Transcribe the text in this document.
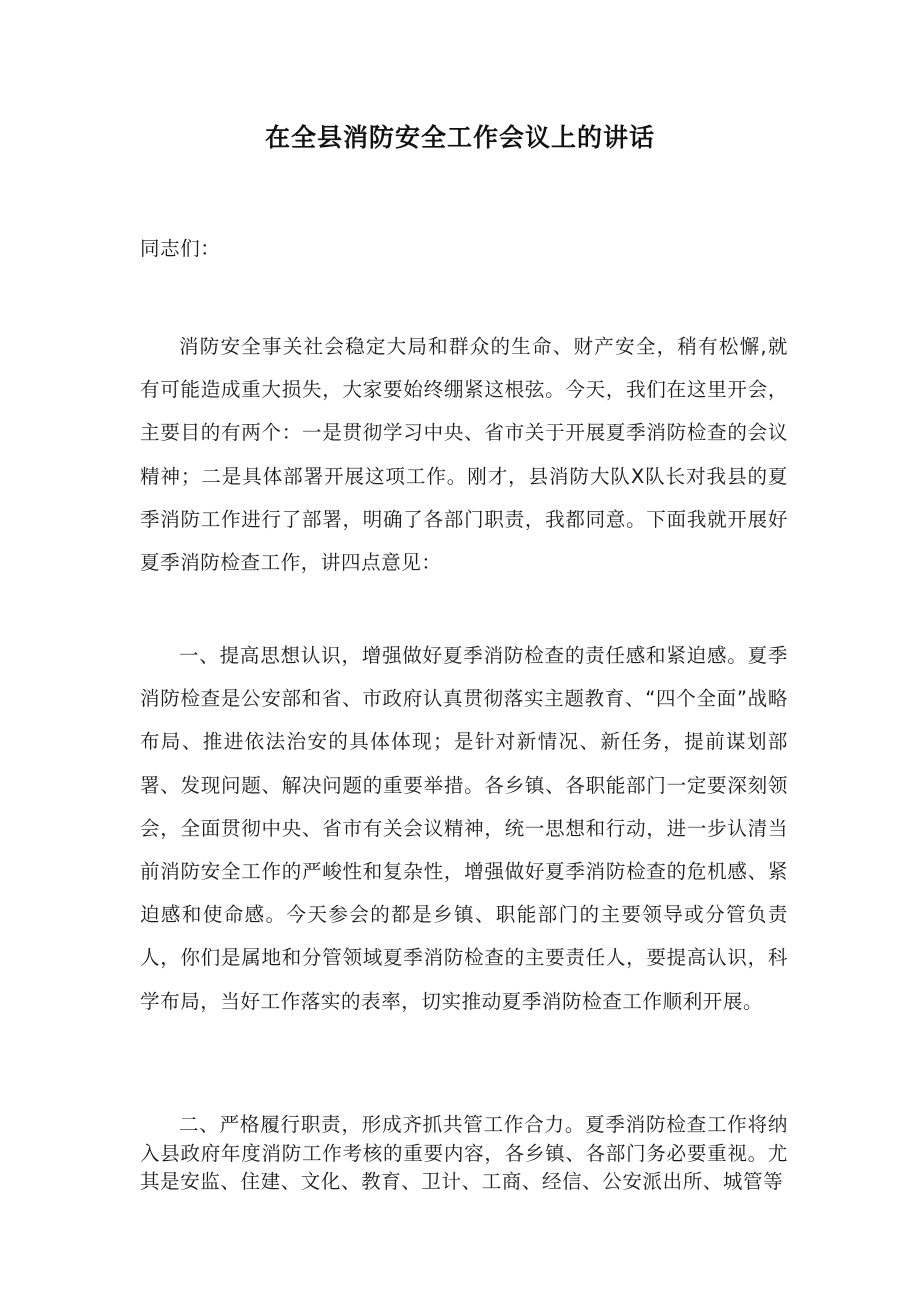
在全县消防安全工作会议上的讲话

同志们：

消防安全事关社会稳定大局和群众的生命、财产安全，稍有松懈,就有可能造成重大损失，大家要始终绷紧这根弦。今天，我们在这里开会，主要目的有两个：一是贯彻学习中央、省市关于开展夏季消防检查的会议精神；二是具体部署开展这项工作。刚才，县消防大队X队长对我县的夏季消防工作进行了部署，明确了各部门职责，我都同意。下面我就开展好夏季消防检查工作，讲四点意见：

一、提高思想认识，增强做好夏季消防检查的责任感和紧迫感。夏季消防检查是公安部和省、市政府认真贯彻落实主题教育、“四个全面”战略布局、推进依法治安的具体体现；是针对新情况、新任务，提前谋划部署、发现问题、解决问题的重要举措。各乡镇、各职能部门一定要深刻领会，全面贯彻中央、省市有关会议精神，统一思想和行动，进一步认清当前消防安全工作的严峻性和复杂性，增强做好夏季消防检查的危机感、紧迫感和使命感。今天参会的都是乡镇、职能部门的主要领导或分管负责人，你们是属地和分管领域夏季消防检查的主要责任人，要提高认识，科学布局，当好工作落实的表率，切实推动夏季消防检查工作顺利开展。

二、严格履行职责，形成齐抓共管工作合力。夏季消防检查工作将纳入县政府年度消防工作考核的重要内容，各乡镇、各部门务必要重视。尤其是安监、住建、文化、教育、卫计、工商、经信、公安派出所、城管等
